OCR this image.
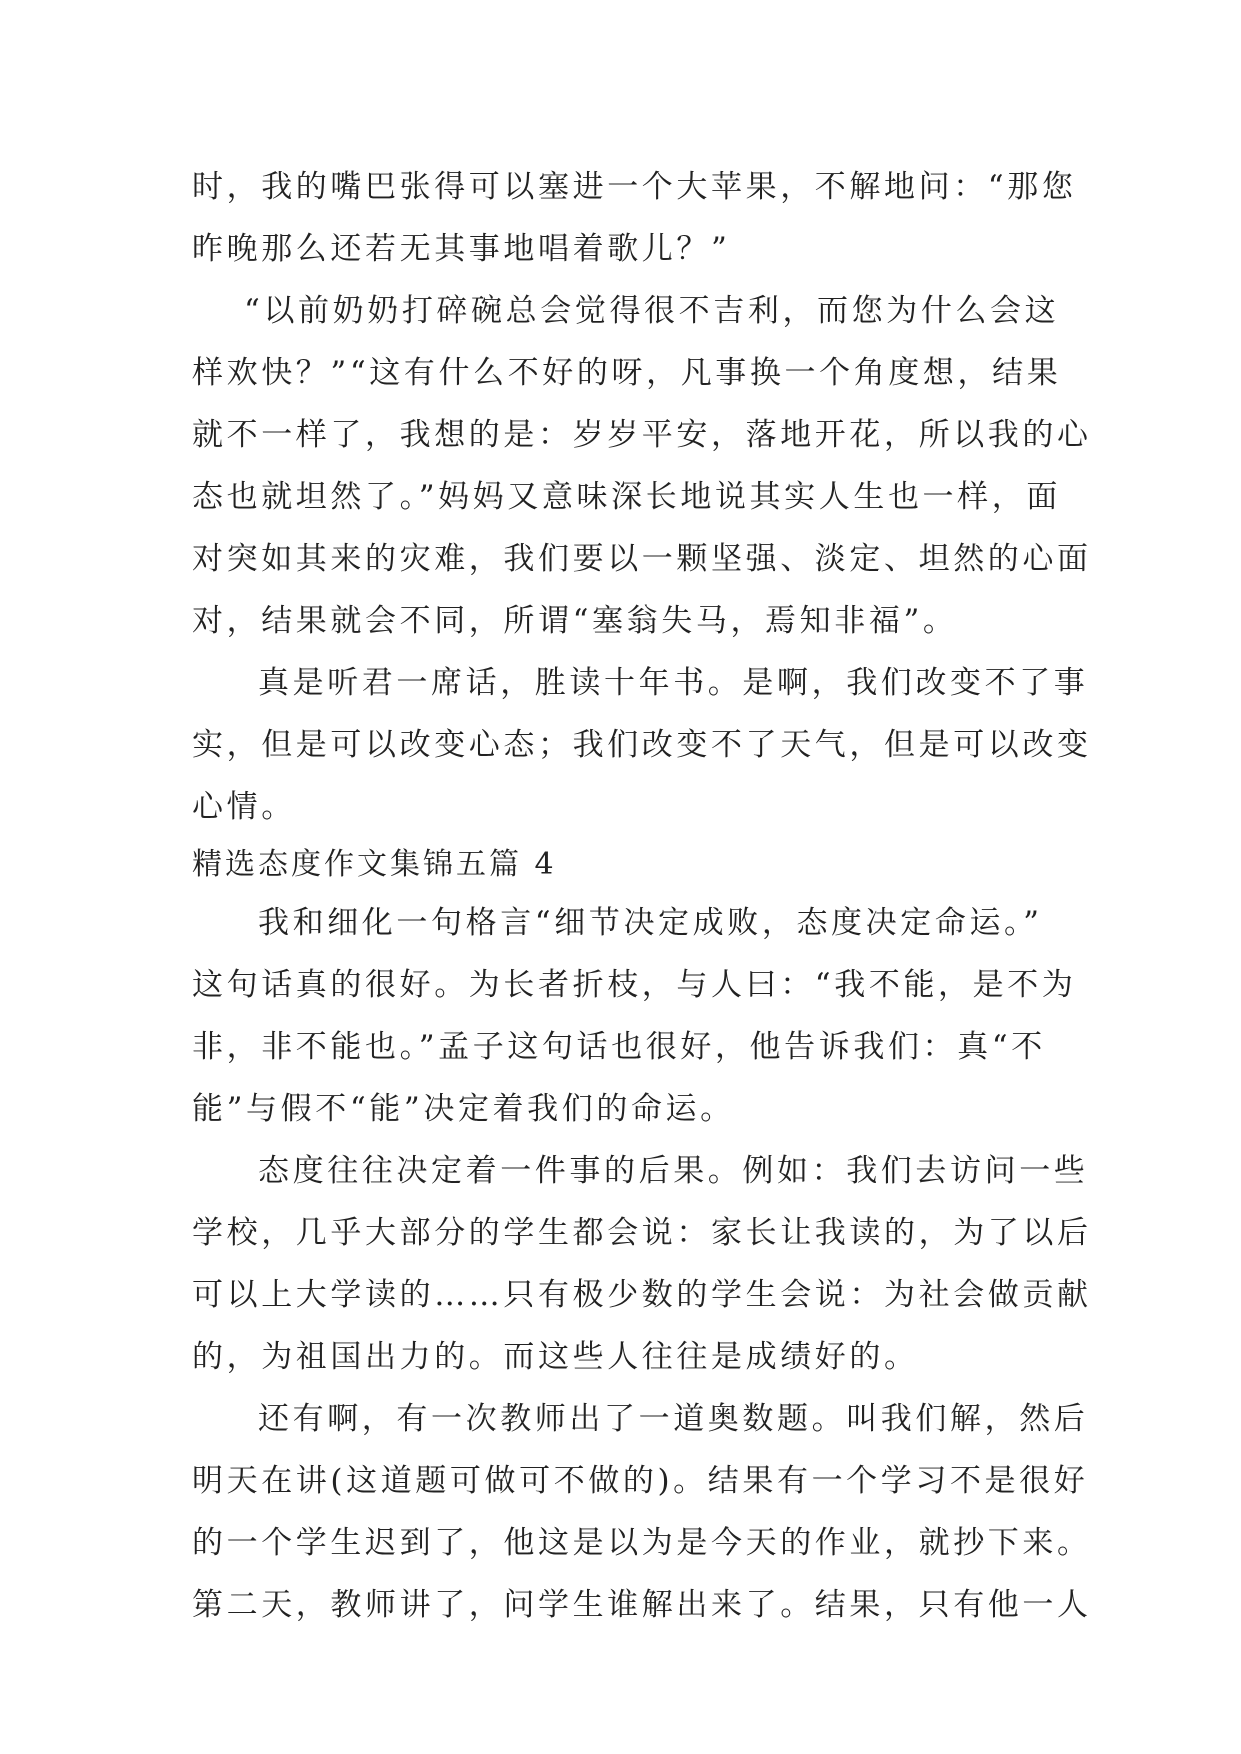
时，我的嘴巴张得可以塞进一个大苹果，不解地问：“那您
昨晚那么还若无其事地唱着歌儿？”
“以前奶奶打碎碗总会觉得很不吉利，而您为什么会这
样欢快？”“这有什么不好的呀，凡事换一个角度想，结果
就不一样了，我想的是：岁岁平安，落地开花，所以我的心
态也就坦然了。”妈妈又意味深长地说其实人生也一样，面
对突如其来的灾难，我们要以一颗坚强、淡定、坦然的心面
对，结果就会不同，所谓“塞翁失马，焉知非福”。
真是听君一席话，胜读十年书。是啊，我们改变不了事
实，但是可以改变心态；我们改变不了天气，但是可以改变
心情。
精选态度作文集锦五篇 4
我和细化一句格言“细节决定成败，态度决定命运。”
这句话真的很好。为长者折枝，与人曰：“我不能，是不为
非，非不能也。”孟子这句话也很好，他告诉我们：真“不
能”与假不“能”决定着我们的命运。
态度往往决定着一件事的后果。例如：我们去访问一些
学校，几乎大部分的学生都会说：家长让我读的，为了以后
可以上大学读的……只有极少数的学生会说：为社会做贡献
的，为祖国出力的。而这些人往往是成绩好的。
还有啊，有一次教师出了一道奥数题。叫我们解，然后
明天在讲(这道题可做可不做的)。结果有一个学习不是很好
的一个学生迟到了，他这是以为是今天的作业，就抄下来。
第二天，教师讲了，问学生谁解出来了。结果，只有他一人
